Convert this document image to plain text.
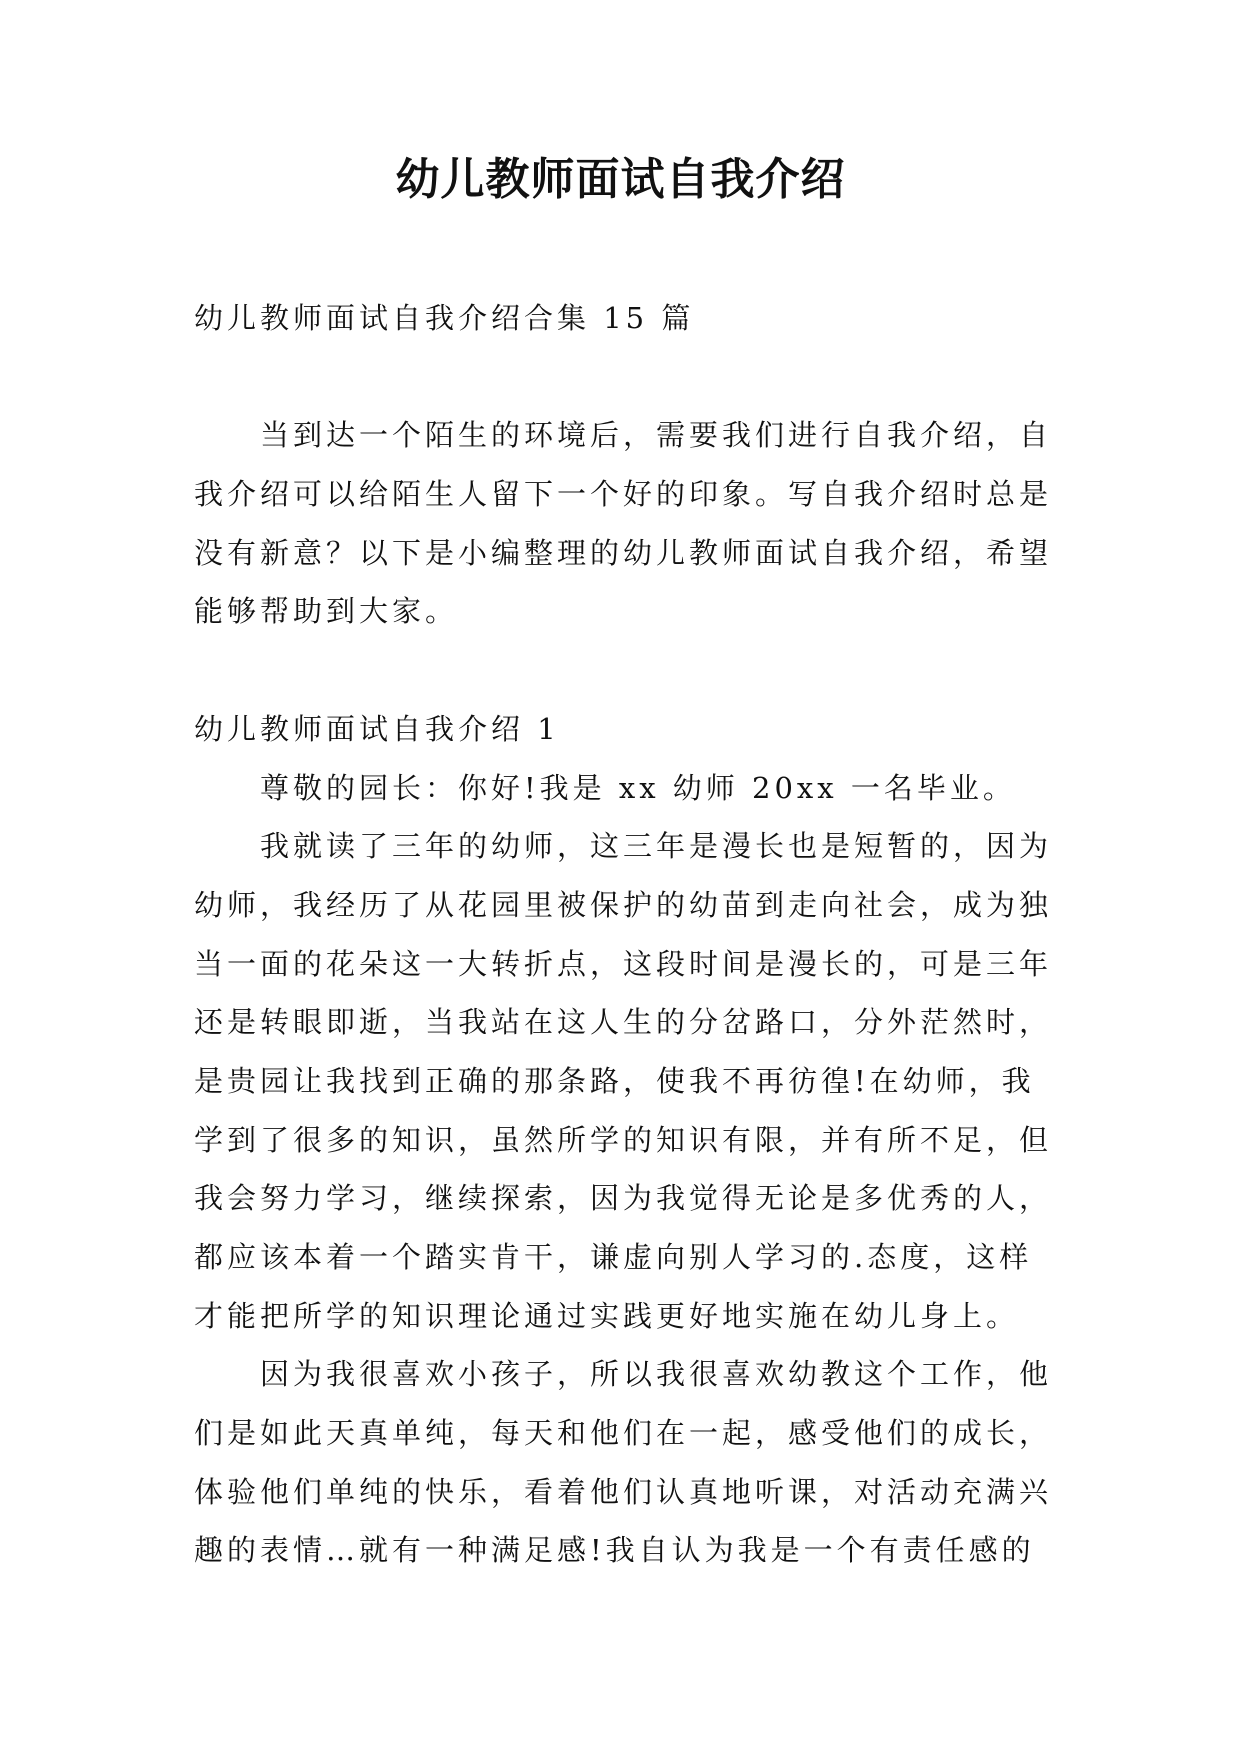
幼儿教师面试自我介绍
幼儿教师面试自我介绍合集 15 篇
当到达一个陌生的环境后，需要我们进行自我介绍，自
我介绍可以给陌生人留下一个好的印象。写自我介绍时总是
没有新意？以下是小编整理的幼儿教师面试自我介绍，希望
能够帮助到大家。
幼儿教师面试自我介绍 1
尊敬的园长：你好!我是 xx 幼师 20xx 一名毕业。
我就读了三年的幼师，这三年是漫长也是短暂的，因为
幼师，我经历了从花园里被保护的幼苗到走向社会，成为独
当一面的花朵这一大转折点，这段时间是漫长的，可是三年
还是转眼即逝，当我站在这人生的分岔路口，分外茫然时，
是贵园让我找到正确的那条路，使我不再彷徨!在幼师，我
学到了很多的知识，虽然所学的知识有限，并有所不足，但
我会努力学习，继续探索，因为我觉得无论是多优秀的人，
都应该本着一个踏实肯干，谦虚向别人学习的.态度，这样
才能把所学的知识理论通过实践更好地实施在幼儿身上。
因为我很喜欢小孩子，所以我很喜欢幼教这个工作，他
们是如此天真单纯，每天和他们在一起，感受他们的成长，
体验他们单纯的快乐，看着他们认真地听课，对活动充满兴
趣的表情…就有一种满足感!我自认为我是一个有责任感的
